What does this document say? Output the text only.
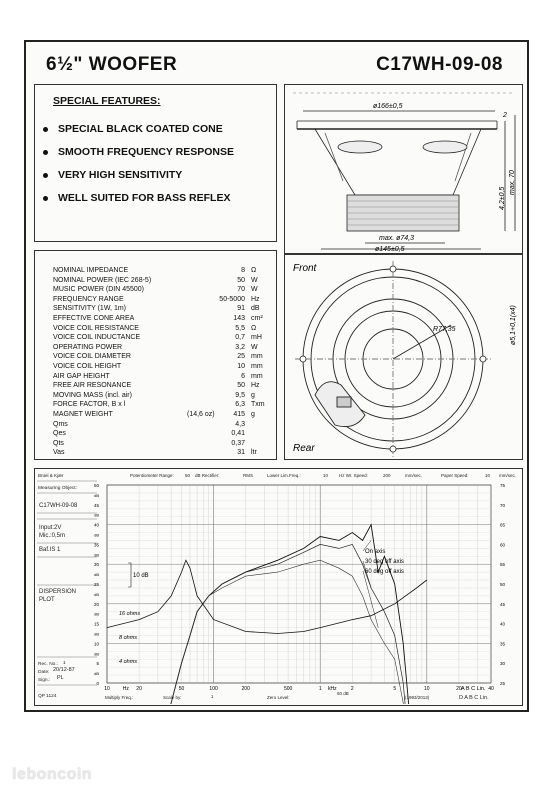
6½" WOOFER	C17WH-09-08
SPECIAL FEATURES:
SPECIAL BLACK COATED CONE
SMOOTH FREQUENCY RESPONSE
VERY HIGH SENSITIVITY
WELL SUITED FOR BASS REFLEX
NOMINAL IMPEDANCE	8 Ω
NOMINAL POWER (IEC 268-5)	50 W
MUSIC POWER (DIN 45500)	70 W
FREQUENCY RANGE	50-5000 Hz
SENSITIVITY (1W, 1m)	91 dB
EFFECTIVE CONE AREA	143 cm²
VOICE COIL RESISTANCE	5,5 Ω
VOICE COIL INDUCTANCE	0,7 mH
OPERATING POWER	3,2 W
VOICE COIL DIAMETER	25 mm
VOICE COIL HEIGHT	10 mm
AIR GAP HEIGHT	6 mm
FREE AIR RESONANCE	50 Hz
MOVING MASS (incl. air)	9,5 g
FORCE FACTOR, B x l	6,3 Txm
MAGNET WEIGHT	(14,6 oz)	415 g
Qms	4,3
Qes	0,41
Qts	0,37
Vas	31 ltr
ø166±0,5
max. ø74,3
ø145±0,5
2
4,2±0,5
max. 70
Front
Rear
R77,35	ø5,1+0,1(x4)
Brüel & Kjær	Potentiometer Range: 50 dB Rectifier:	RMS	Lower Lim.Freq.:	10 Hz Wr. Speed:	200	mm/sec.	Paper Speed:	10 mm/sec.
Measuring Object:
C17WH-09-08
Input:2V
Mic.:0,5m
Baf.IS 1
DISPERSION
PLOT
Rec. No.: 1
Date: 20/12-87
Sign.: PL
QP 1124
50
45
40
35
30
25
20
15
10
5
0
dB
dB
dB
dB
dB
dB
dB
dB
dB
dB
75
70
65
60
55
50
45
40
35
30
25
10	Hz 20	50	100	200	500	1 kHz	2	5	10	20	40
On axis
30 deg off axis
60 deg off axis
10 dB
16 ohms
8 ohms
4 ohms
Multiply Freq.:	Scale by:	1	Zero Level:
60 dB
(1993/2013)	D A B C Lin.
A B C Lin.
leboncoin
